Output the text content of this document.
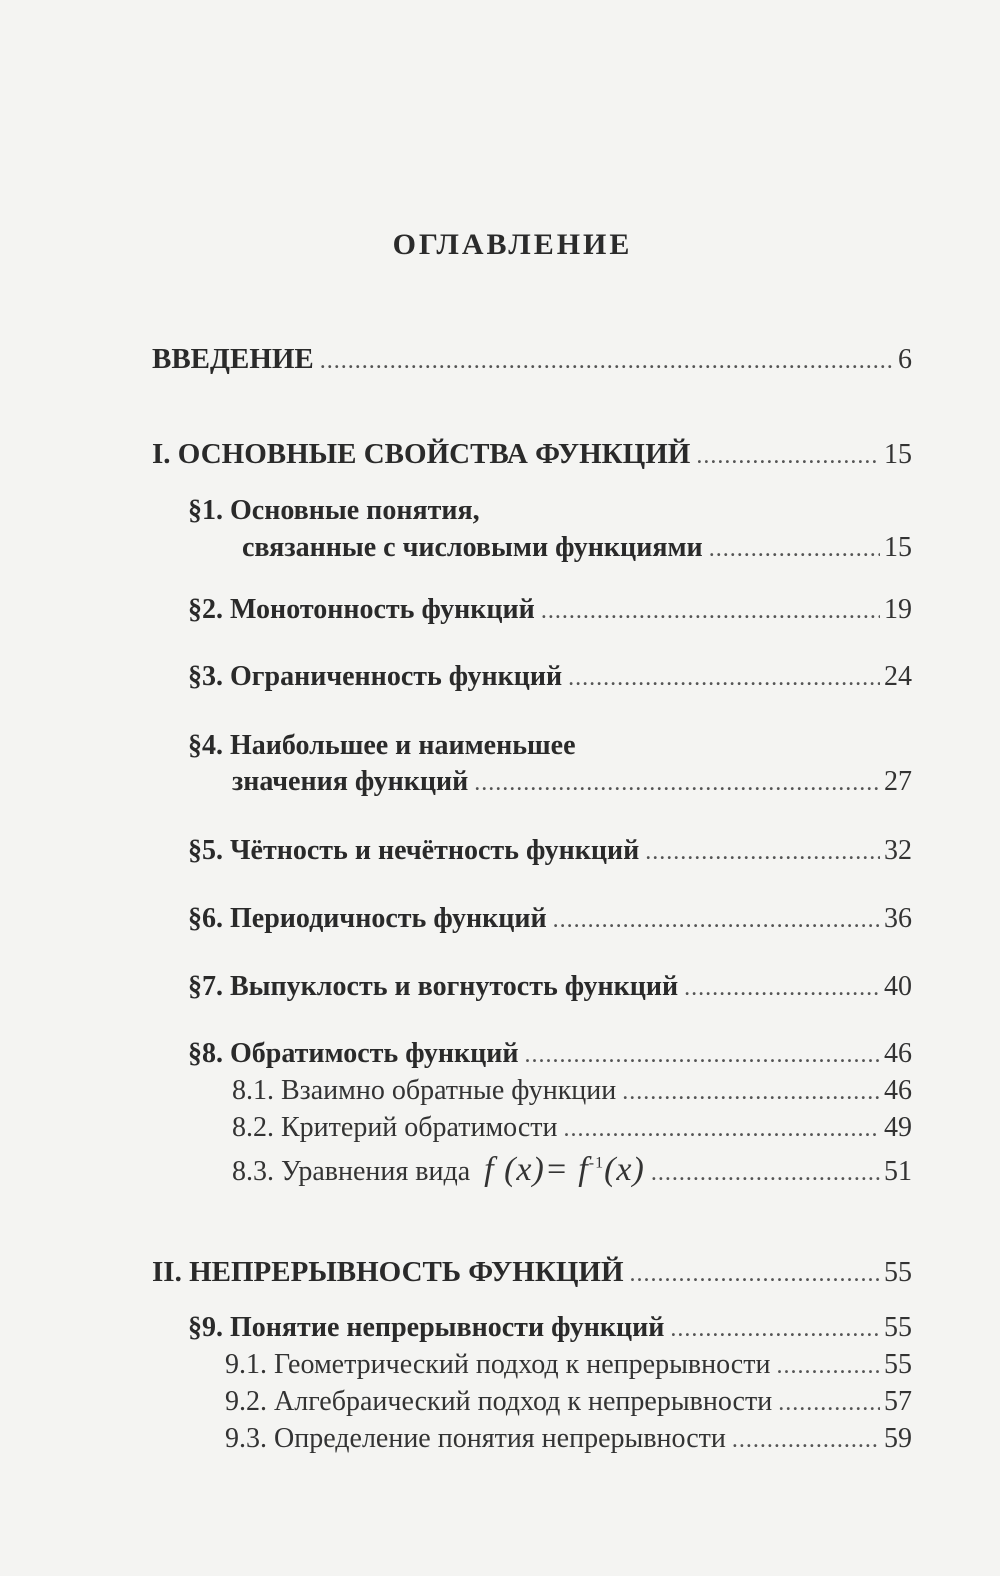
ОГЛАВЛЕНИЕ
ВВЕДЕНИЕ .....	6
I. ОСНОВНЫЕ СВОЙСТВА ФУНКЦИЙ .....	15
§1. Основные понятия,
связанные с числовыми функциями .....	15
§2. Монотонность функций .....	19
§3. Ограниченность функций .....	24
§4. Наибольшее и наименьшее
значения функций .....	27
§5. Чётность и нечётность функций .....	32
§6. Периодичность функций .....	36
§7. Выпуклость и вогнутость функций .....	40
§8. Обратимость функций .....	46
8.1. Взаимно обратные функции .....	46
8.2. Критерий обратимости .....	49
8.3. Уравнения вида f $(x)= f^{-1}(x)$ .....	51
II. НЕПРЕРЫВНОСТЬ ФУНКЦИЙ .....	55
§9. Понятие непрерывности функций .....	55
9.1. Геометрический подход к непрерывности .....	55
9.2. Алгебраический подход к непрерывности .....	57
9.3. Определение понятия непрерывности .....	59
